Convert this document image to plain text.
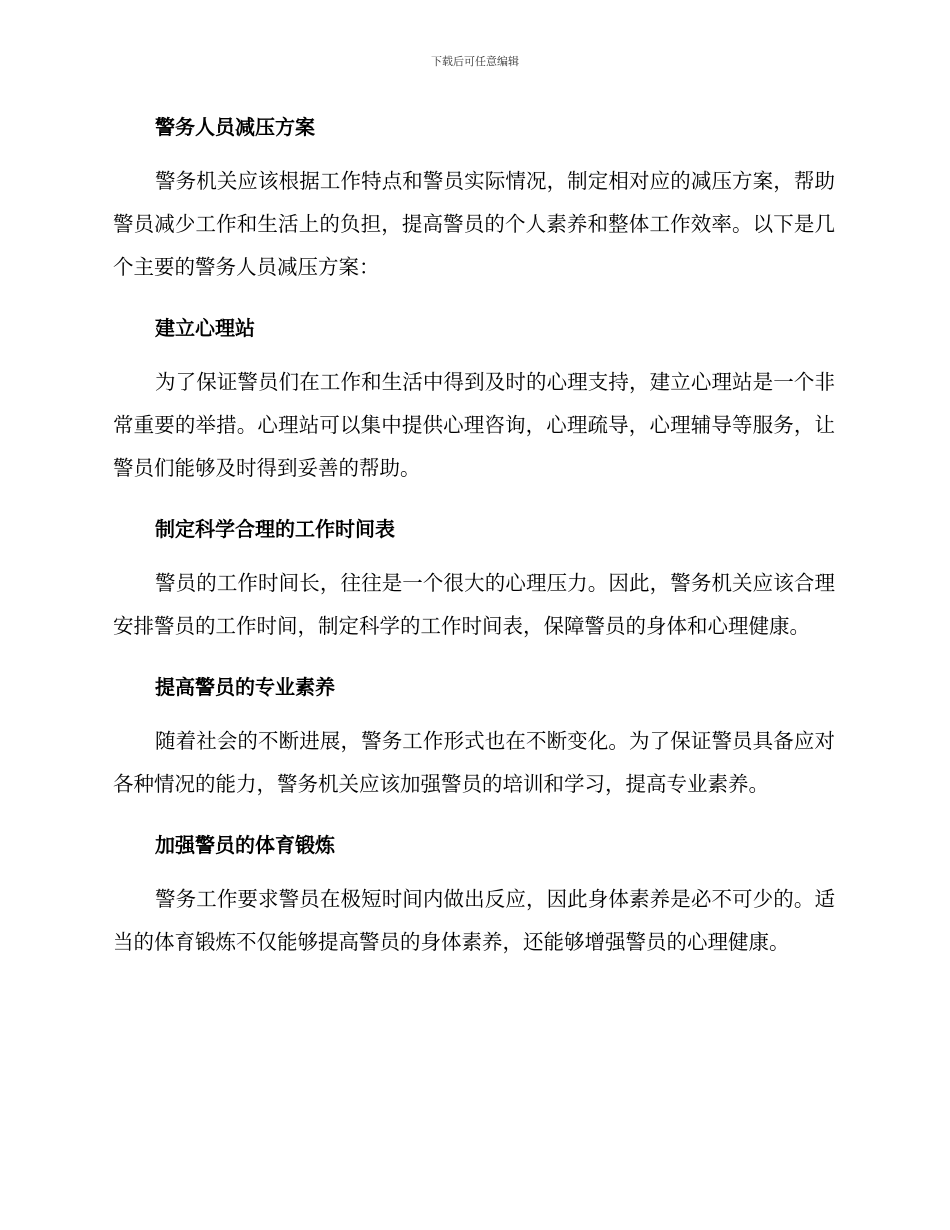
下载后可任意编辑
警务人员减压方案

警务机关应该根据工作特点和警员实际情况，制定相对应的减压方案，帮助警员减少工作和生活上的负担，提高警员的个人素养和整体工作效率。以下是几个主要的警务人员减压方案：

建立心理站

为了保证警员们在工作和生活中得到及时的心理支持，建立心理站是一个非常重要的举措。心理站可以集中提供心理咨询，心理疏导，心理辅导等服务，让警员们能够及时得到妥善的帮助。

制定科学合理的工作时间表

警员的工作时间长，往往是一个很大的心理压力。因此，警务机关应该合理安排警员的工作时间，制定科学的工作时间表，保障警员的身体和心理健康。

提高警员的专业素养

随着社会的不断进展，警务工作形式也在不断变化。为了保证警员具备应对各种情况的能力，警务机关应该加强警员的培训和学习，提高专业素养。

加强警员的体育锻炼

警务工作要求警员在极短时间内做出反应，因此身体素养是必不可少的。适当的体育锻炼不仅能够提高警员的身体素养，还能够增强警员的心理健康。
